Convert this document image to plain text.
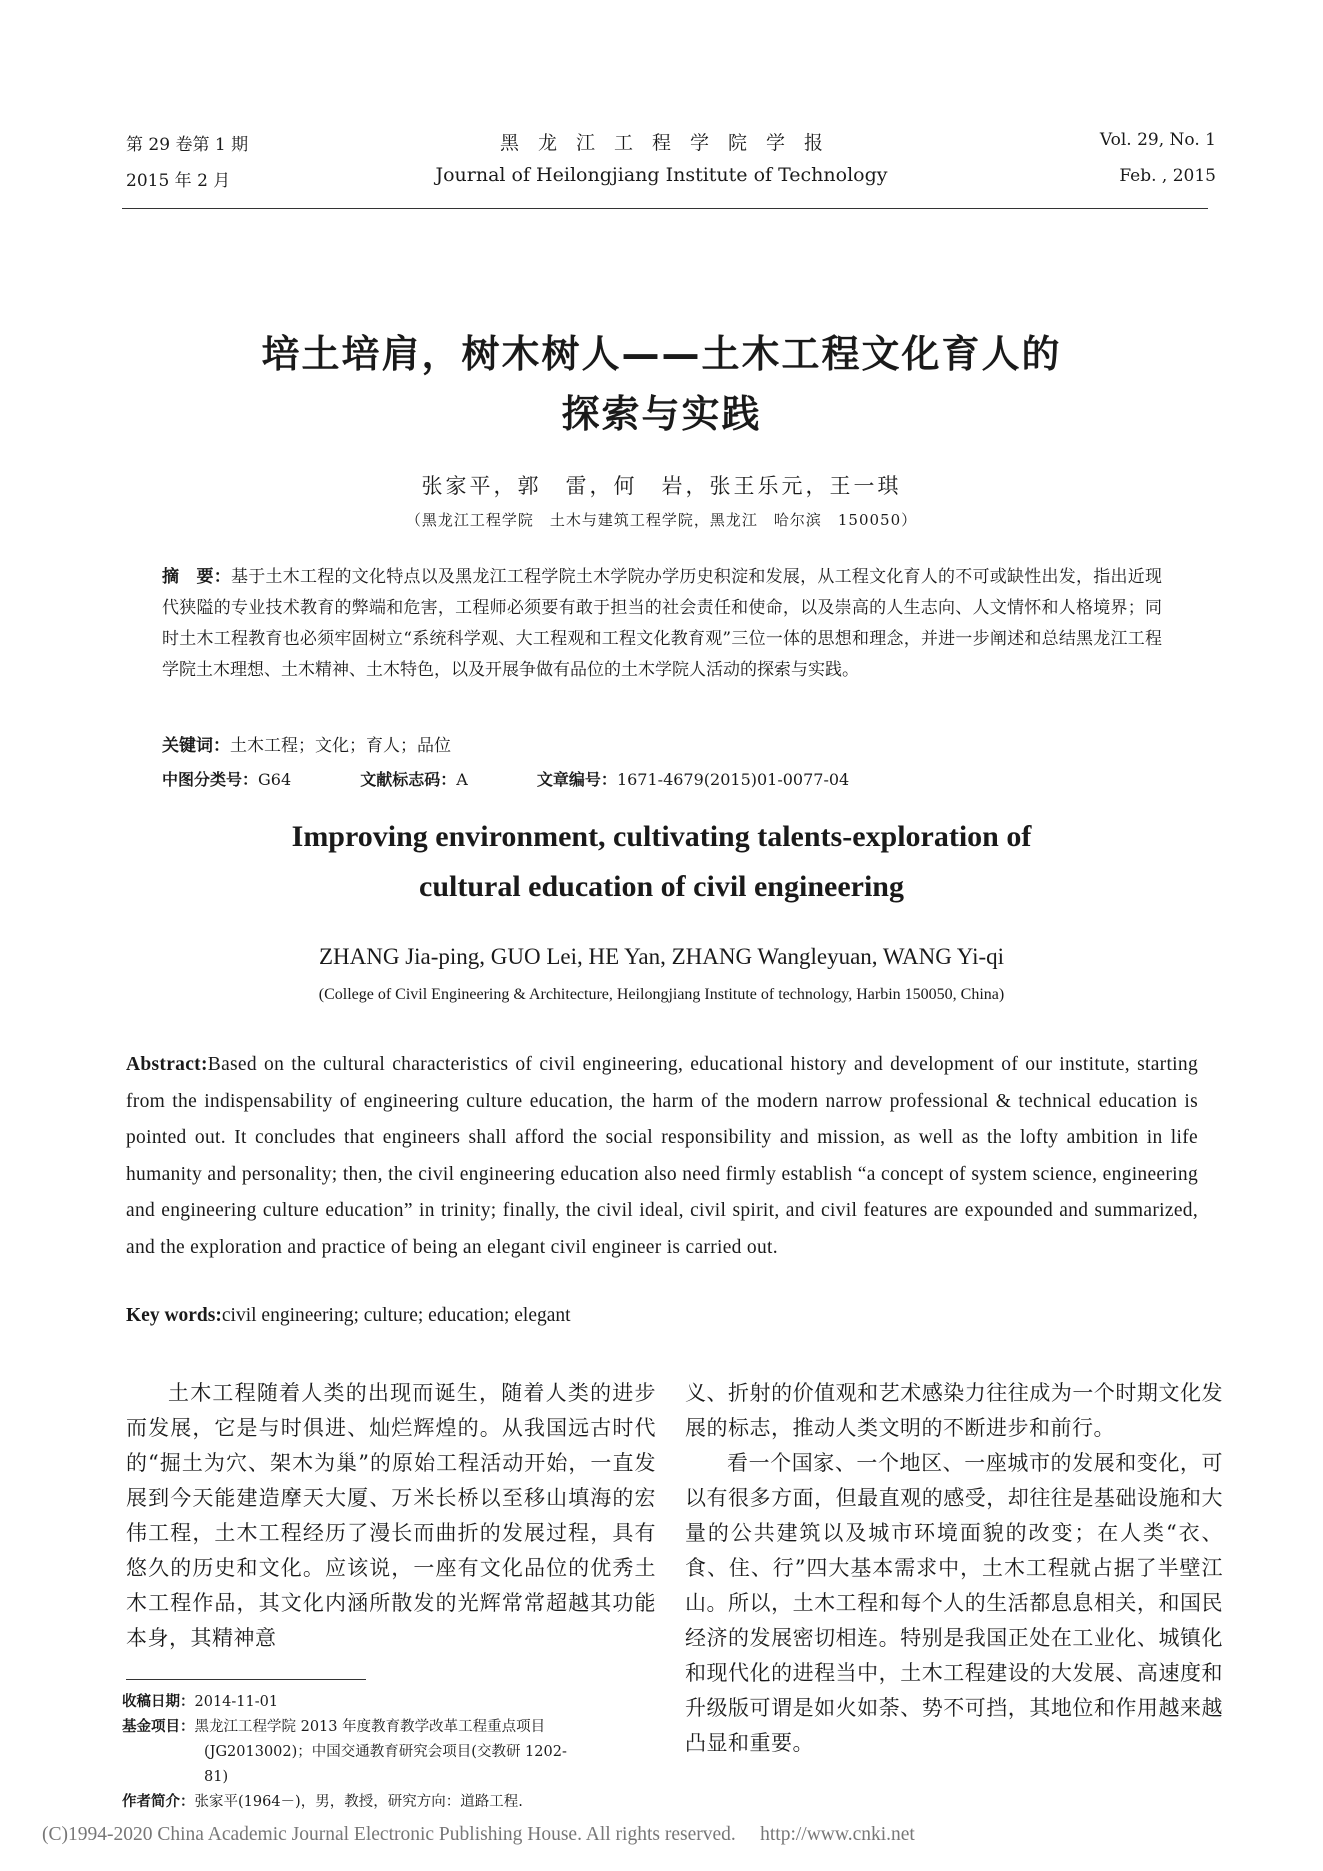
第 29 卷第 1 期
2015 年 2 月
黑　龙　江　工　程　学　院　学　报
Journal of Heilongjiang Institute of Technology
Vol. 29, No. 1
Feb. , 2015
培土培肩，树木树人——土木工程文化育人的
探索与实践
张家平，郭　雷，何　岩，张王乐元，王一琪
（黑龙江工程学院　土木与建筑工程学院，黑龙江　哈尔滨　150050）
摘　要：基于土木工程的文化特点以及黑龙江工程学院土木学院办学历史积淀和发展，从工程文化育人的不可或缺性出发，指出近现代狭隘的专业技术教育的弊端和危害，工程师必须要有敢于担当的社会责任和使命，以及崇高的人生志向、人文情怀和人格境界；同时土木工程教育也必须牢固树立“系统科学观、大工程观和工程文化教育观”三位一体的思想和理念，并进一步阐述和总结黑龙江工程学院土木理想、土木精神、土木特色，以及开展争做有品位的土木学院人活动的探索与实践。
关键词：土木工程；文化；育人；品位
中图分类号：G64	文献标志码：A	文章编号：1671-4679(2015)01-0077-04
Improving environment, cultivating talents-exploration of
cultural education of civil engineering
ZHANG Jia-ping, GUO Lei, HE Yan, ZHANG Wangleyuan, WANG Yi-qi
(College of Civil Engineering & Architecture, Heilongjiang Institute of technology, Harbin 150050, China)
Abstract:Based on the cultural characteristics of civil engineering, educational history and development of our institute, starting from the indispensability of engineering culture education, the harm of the modern narrow professional & technical education is pointed out. It concludes that engineers shall afford the social responsibility and mission, as well as the lofty ambition in life humanity and personality; then, the civil engineering education also need firmly establish “a concept of system science, engineering and engineering culture education” in trinity; finally, the civil ideal, civil spirit, and civil features are expounded and summarized, and the exploration and practice of being an elegant civil engineer is carried out.
Key words:civil engineering; culture; education; elegant

土木工程随着人类的出现而诞生，随着人类的进步而发展，它是与时俱进、灿烂辉煌的。从我国远古时代的“掘土为穴、架木为巢”的原始工程活动开始，一直发展到今天能建造摩天大厦、万米长桥以至移山填海的宏伟工程，土木工程经历了漫长而曲折的发展过程，具有悠久的历史和文化。应该说，一座有文化品位的优秀土木工程作品，其文化内涵所散发的光辉常常超越其功能本身，其精神意

义、折射的价值观和艺术感染力往往成为一个时期文化发展的标志，推动人类文明的不断进步和前行。

看一个国家、一个地区、一座城市的发展和变化，可以有很多方面，但最直观的感受，却往往是基础设施和大量的公共建筑以及城市环境面貌的改变；在人类“衣、食、住、行”四大基本需求中，土木工程就占据了半壁江山。所以，土木工程和每个人的生活都息息相关，和国民经济的发展密切相连。特别是我国正处在工业化、城镇化和现代化的进程当中，土木工程建设的大发展、高速度和升级版可谓是如火如荼、势不可挡，其地位和作用越来越凸显和重要。

收稿日期：2014-11-01
基金项目：黑龙江工程学院 2013 年度教育教学改革工程重点项目
(JG2013002)；中国交通教育研究会项目(交教研 1202-
81)
作者简介：张家平(1964－)，男，教授，研究方向：道路工程.
(C)1994-2020 China Academic Journal Electronic Publishing House. All rights reserved.　 http://www.cnki.net
